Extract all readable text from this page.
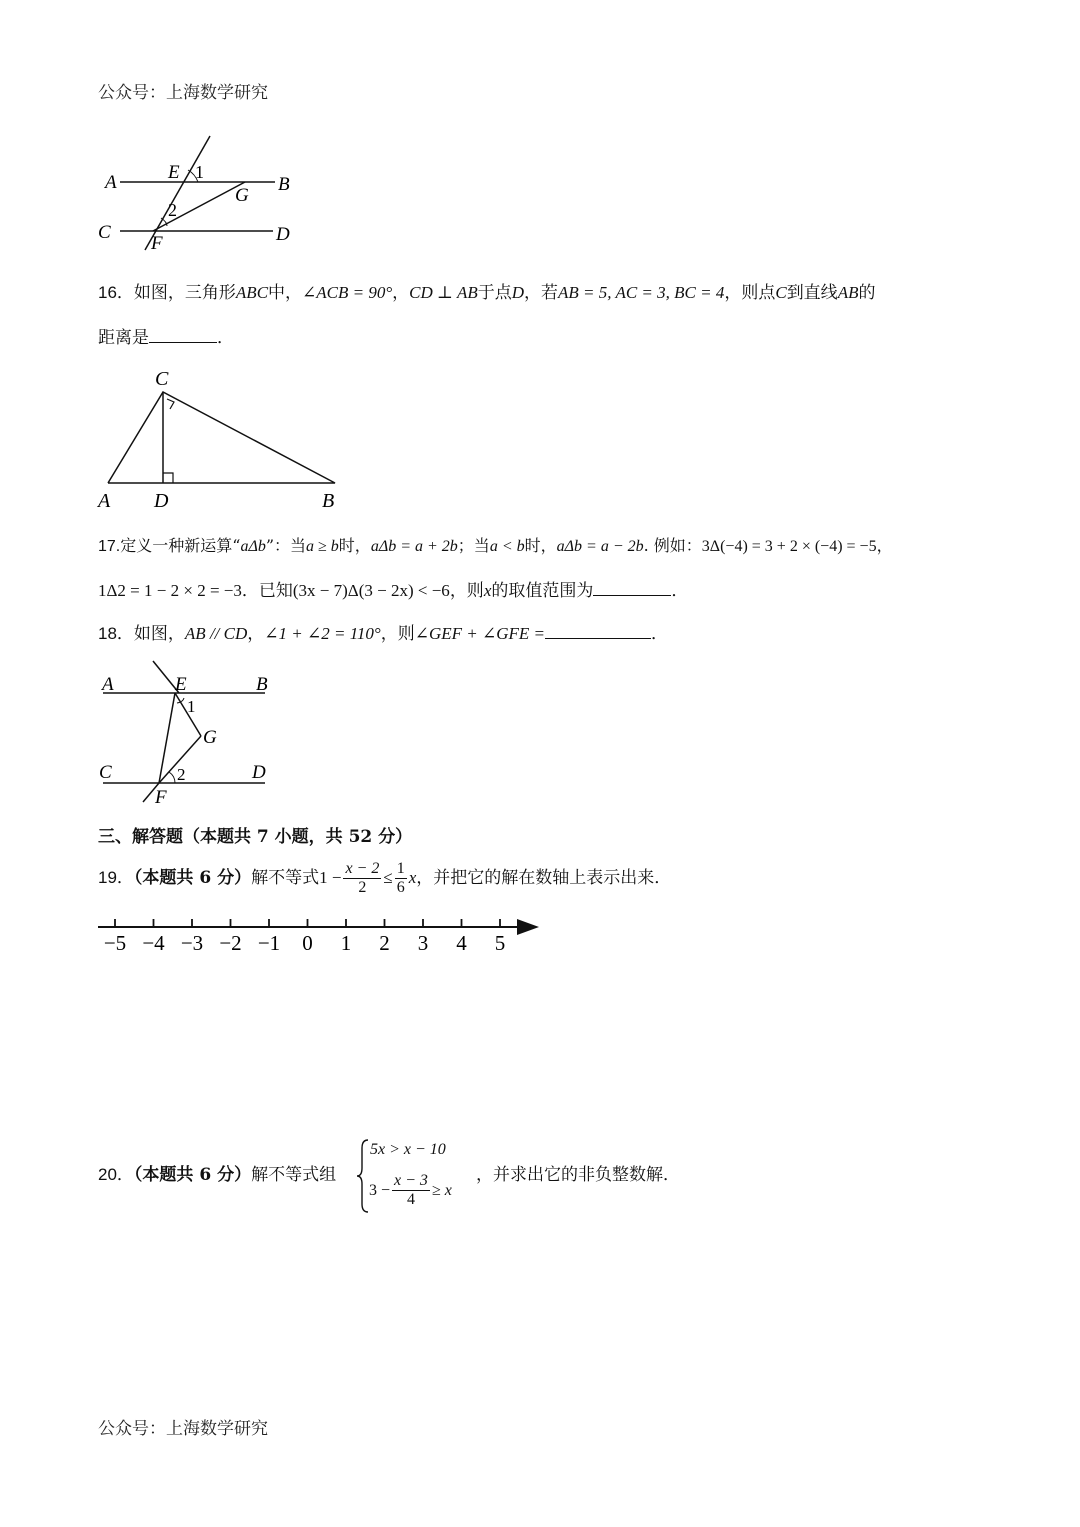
公众号：上海数学研究
A	E 1
B
G
2
C
F	D
16．如图，三角形ABC中，∠ACB = 90°，CD ⊥ AB于点D，若AB = 5, AC = 3, BC = 4，则点C到直线AB的
距离是	．
C
A D	B
17.定义一种新运算“aΔb”：当a ≥ b时，aΔb = a + 2b；当a < b时，aΔb = a − 2b. 例如：3Δ(−4) = 3 + 2 × (−4) = −5，
1Δ2 = 1 − 2 × 2 = −3．已知(3x − 7)Δ(3 − 2x) < −6，则x的取值范围为	．
18．如图，AB // CD，∠1 + ∠2 = 110°，则∠GEF + ∠GFE =	．
A	E	B
1
G
C	2	D
F
三、解答题（本题共 7 小题，共 52 分）
19．（本题共 6 分）解不等式$1 - \frac{x - 2}{2} \le \frac{1}{6}$ x，并把它的解在数轴上表示出来．
−5 −4 −3 −2 −1 0 1 2 3 4 5
20．（本题共 6 分）解不等式组
5x > x − 10
$3 - \frac{x - 3}{4} \ge x$
，并求出它的非负整数解．
公众号：上海数学研究
